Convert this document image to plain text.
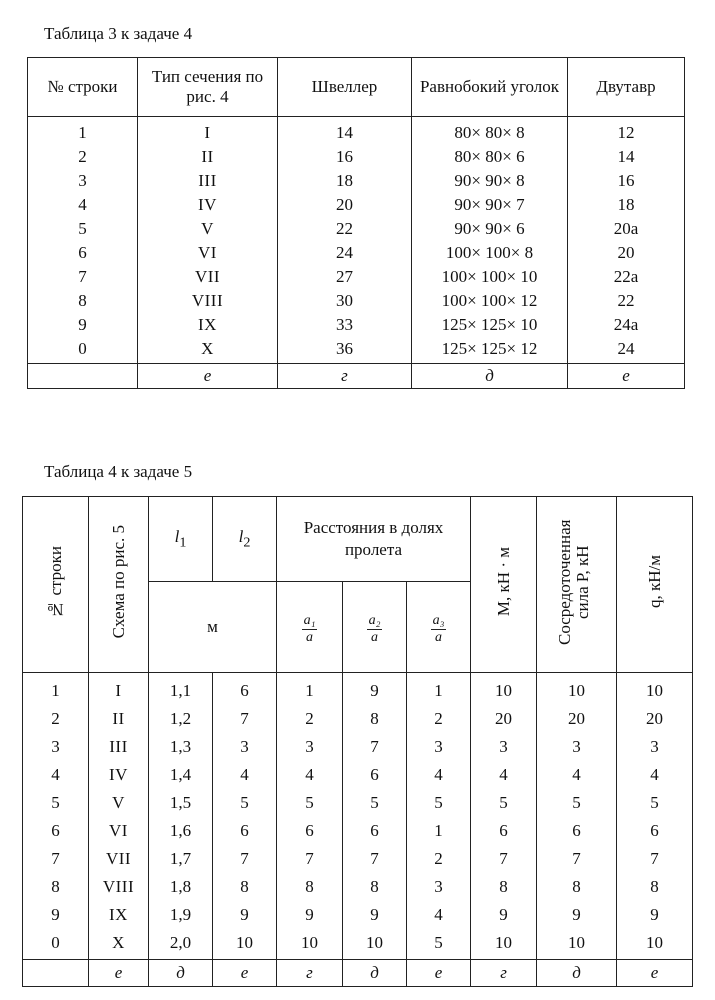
Таблица 3 к задаче 4
№ строки	Тип сечения по рис. 4	Швеллер	Равнобокий уголок	Двутавр
1	I	14	80× 80× 8	12
2	II	16	80× 80× 6	14
3	III	18	90× 90× 8	16
4	IV	20	90× 90× 7	18
5	V	22	90× 90× 6	20а
6	VI	24	100× 100× 8	20
7	VII	27	100× 100× 10	22а
8	VIII	30	100× 100× 12	22
9	IX	33	125× 125× 10	24а
0	X	36	125× 125× 12	24
	е	г	д	е
Таблица 4 к задаче 5
№ строки	Схема по рис. 5	$l_1$	$l_2$	Расстояния в долях пролета			M, кН · м	Сосредоточенная сила P, кН	q, кН/м
		м		$\frac{\text{a₁}}{a}$	$\frac{\text{a₂}}{a}$	$\frac{\text{a₃}}{a}$

1	I	1,1	6	1	9	1	10	10	10
2	II	1,2	7	2	8	2	20	20	20
3	III	1,3	3	3	7	3	3	3	3
4	IV	1,4	4	4	6	4	4	4	4
5	V	1,5	5	5	5	5	5	5	5
6	VI	1,6	6	6	6	1	6	6	6
7	VII	1,7	7	7	7	2	7	7	7
8	VIII	1,8	8	8	8	3	8	8	8
9	IX	1,9	9	9	9	4	9	9	9
0	X	2,0	10	10	10	5	10	10	10
	е	д	е	г	д	е	г	д	е
